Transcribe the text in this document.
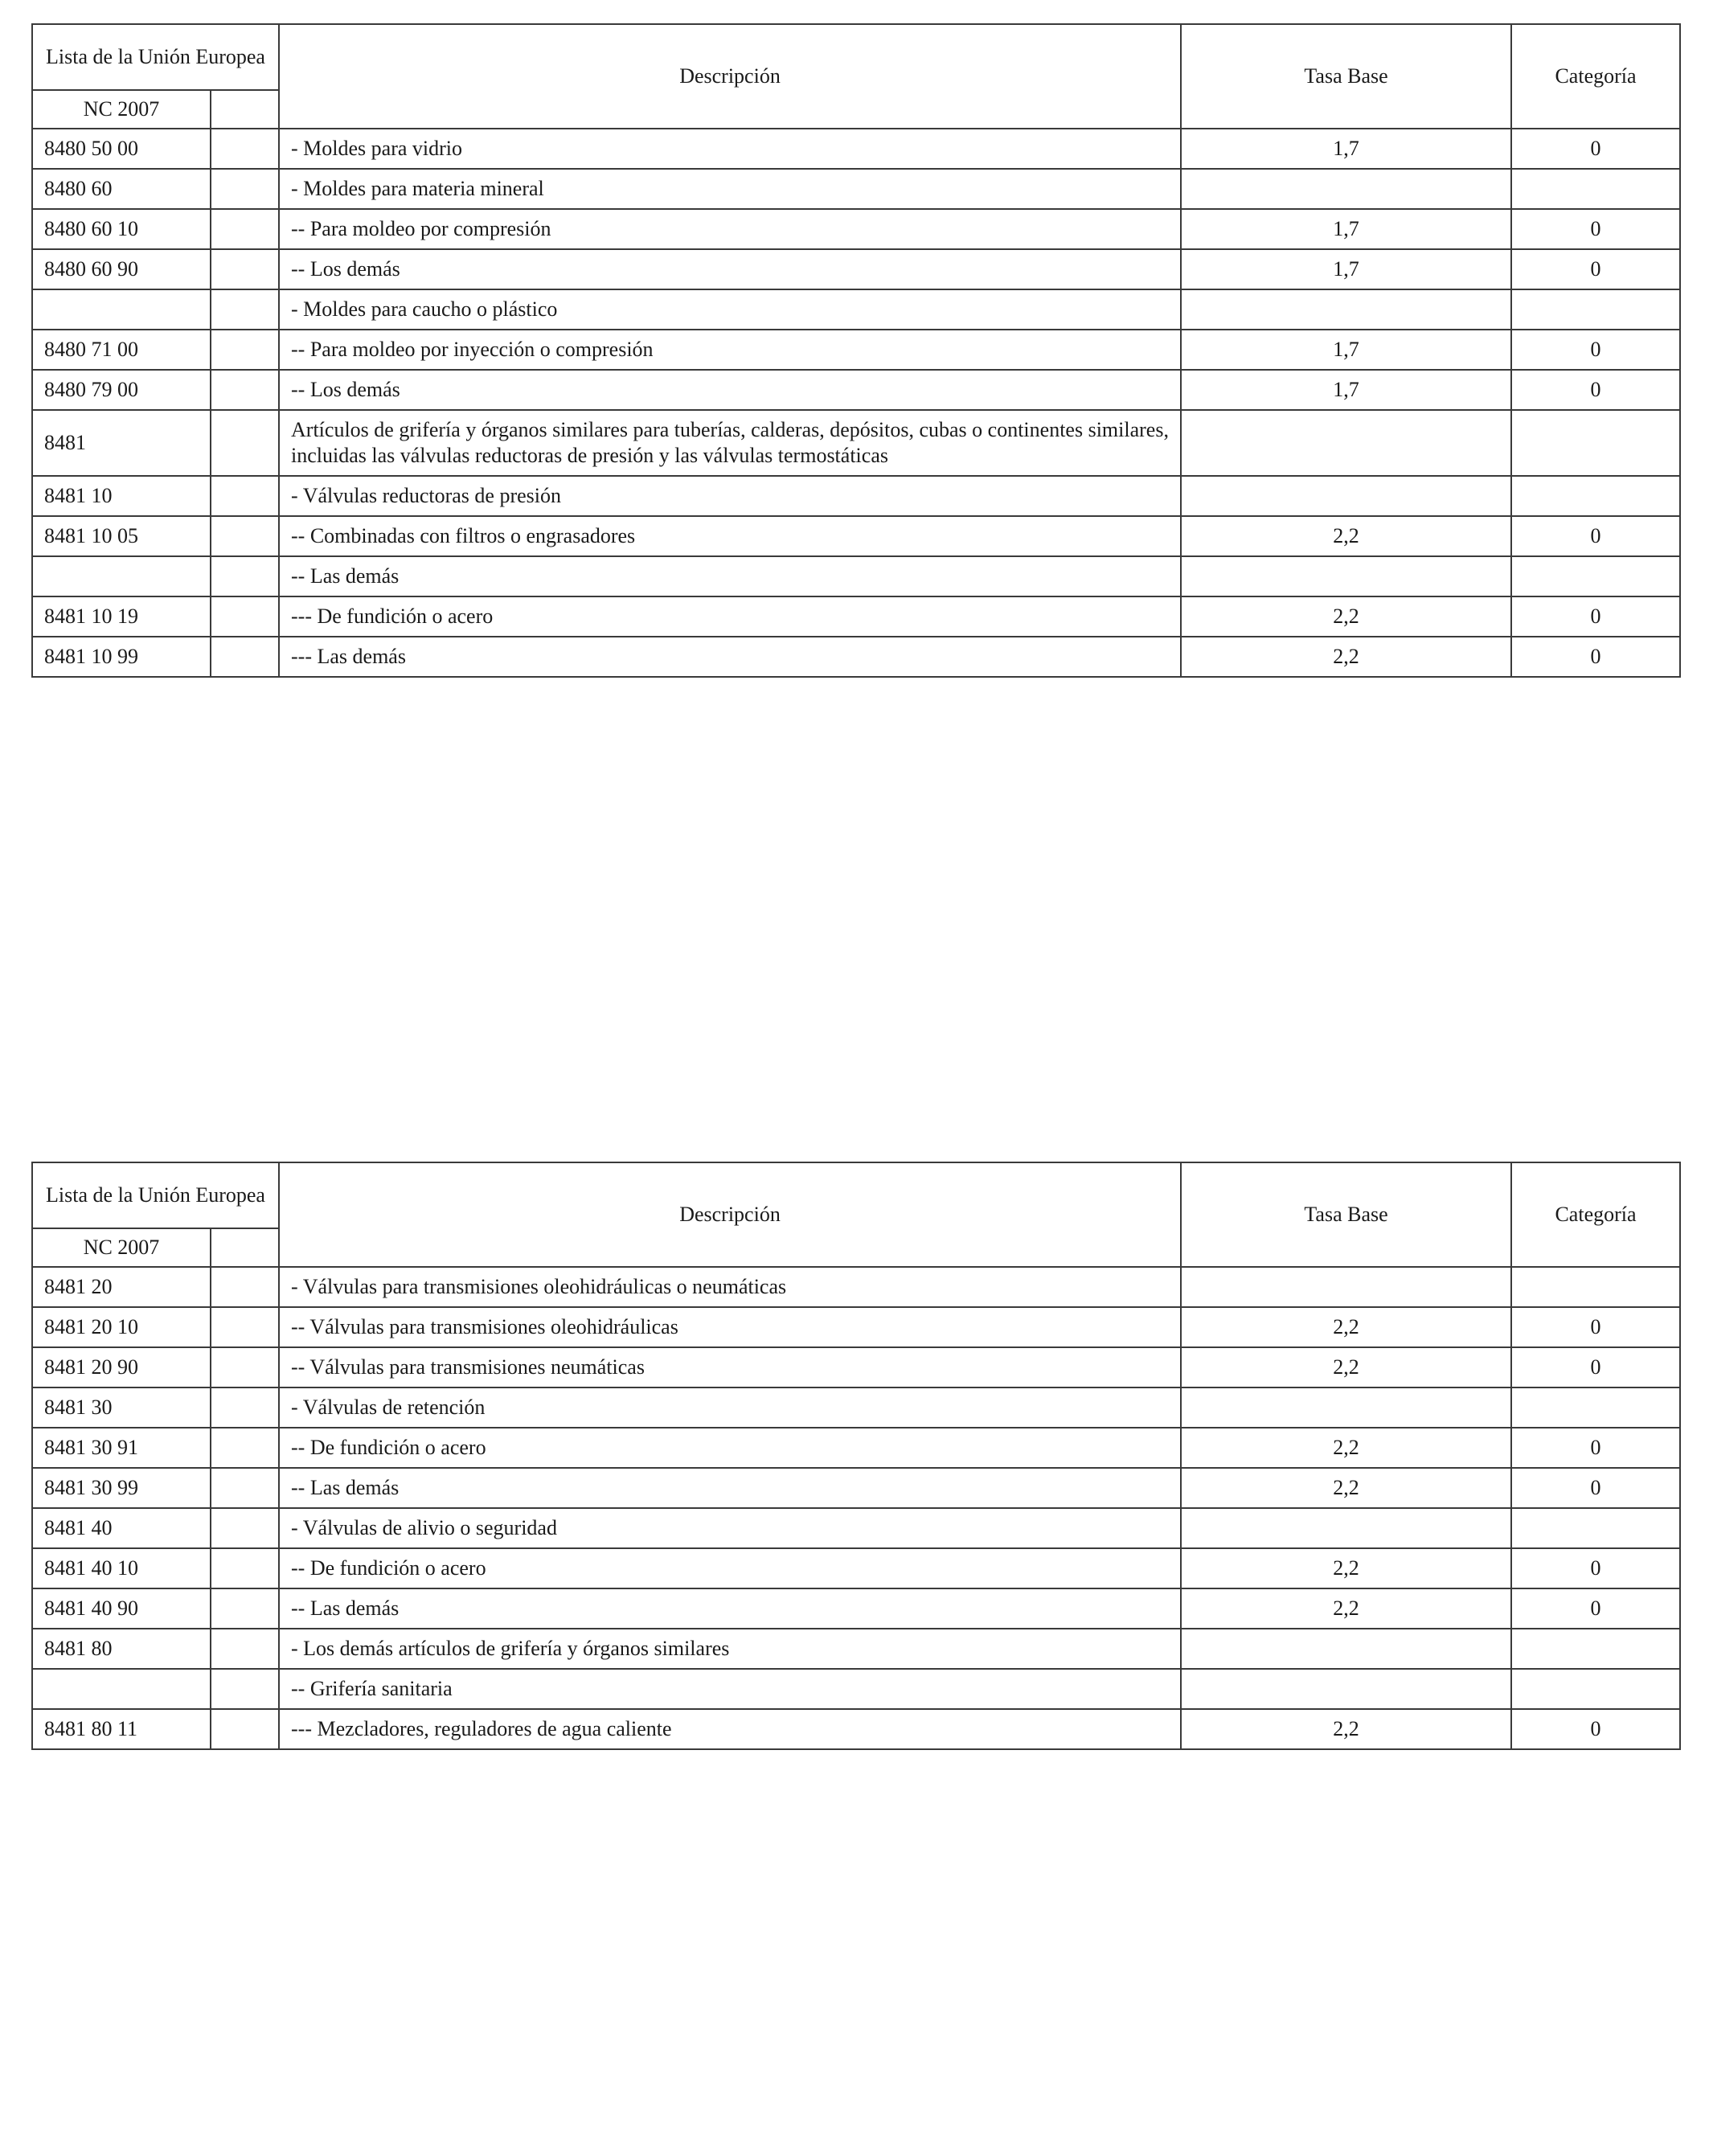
Lista de la Unión Europea		Descripción	Tasa Base	Categoría
NC 2007				
8480 50 00		- Moldes para vidrio	1,7	0
8480 60		- Moldes para materia mineral		
8480 60 10		-- Para moldeo por compresión	1,7	0
8480 60 90		-- Los demás	1,7	0
		- Moldes para caucho o plástico		
8480 71 00		-- Para moldeo por inyección o compresión	1,7	0
8480 79 00		-- Los demás	1,7	0
8481		Artículos de grifería y órganos similares para tuberías, calderas, depósitos, cubas o continentes similares, incluidas las válvulas reductoras de presión y las válvulas termostáticas		
8481 10		- Válvulas reductoras de presión		
8481 10 05		-- Combinadas con filtros o engrasadores	2,2	0
		-- Las demás		
8481 10 19		--- De fundición o acero	2,2	0
8481 10 99		--- Las demás	2,2	0
Lista de la Unión Europea		Descripción	Tasa Base	Categoría
NC 2007				
8481 20		- Válvulas para transmisiones oleohidráulicas o neumáticas		
8481 20 10		-- Válvulas para transmisiones oleohidráulicas	2,2	0
8481 20 90		-- Válvulas para transmisiones neumáticas	2,2	0
8481 30		- Válvulas de retención		
8481 30 91		-- De fundición o acero	2,2	0
8481 30 99		-- Las demás	2,2	0
8481 40		- Válvulas de alivio o seguridad		
8481 40 10		-- De fundición o acero	2,2	0
8481 40 90		-- Las demás	2,2	0
8481 80		- Los demás artículos de grifería y órganos similares		
		-- Grifería sanitaria		
8481 80 11		--- Mezcladores, reguladores de agua caliente	2,2	0
